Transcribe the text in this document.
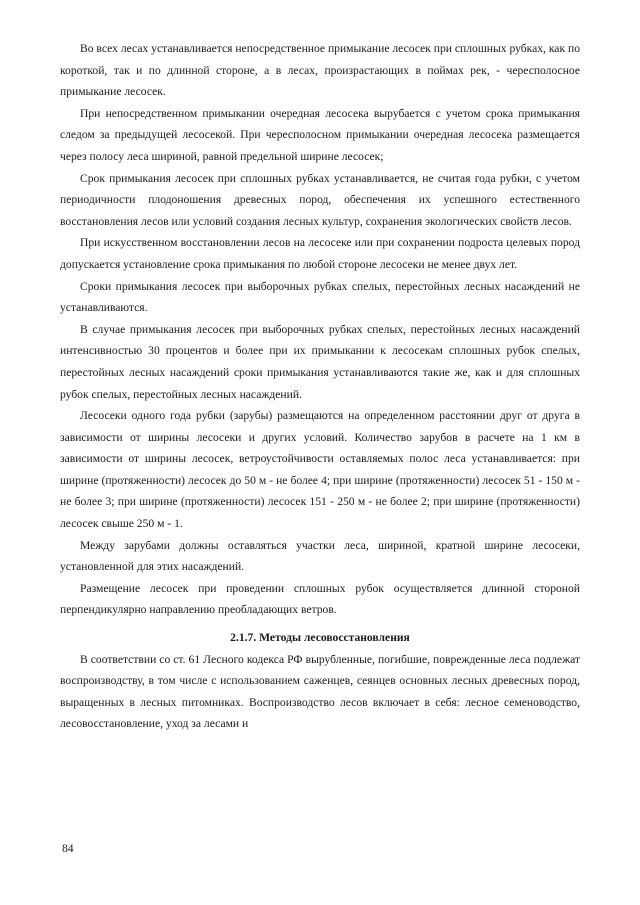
Во всех лесах устанавливается непосредственное примыкание лесосек при сплошных рубках, как по короткой, так и по длинной стороне, а в лесах, произрастающих в поймах рек, - чересполосное примыкание лесосек.

При непосредственном примыкании очередная лесосека вырубается с учетом срока примыкания следом за предыдущей лесосекой. При чересполосном примыкании очередная лесосека размещается через полосу леса шириной, равной предельной ширине лесосек;

Срок примыкания лесосек при сплошных рубках устанавливается, не считая года рубки, с учетом периодичности плодоношения древесных пород, обеспечения их успешного естественного восстановления лесов или условий создания лесных культур, сохранения экологических свойств лесов.

При искусственном восстановлении лесов на лесосеке или при сохранении подроста целевых пород допускается установление срока примыкания по любой стороне лесосеки не менее двух лет.

Сроки примыкания лесосек при выборочных рубках спелых, перестойных лесных насаждений не устанавливаются.

В случае примыкания лесосек при выборочных рубках спелых, перестойных лесных насаждений интенсивностью 30 процентов и более при их примыкании к лесосекам сплошных рубок спелых, перестойных лесных насаждений сроки примыкания устанавливаются такие же, как и для сплошных рубок спелых, перестойных лесных насаждений.

Лесосеки одного года рубки (зарубы) размещаются на определенном расстоянии друг от друга в зависимости от ширины лесосеки и других условий. Количество зарубов в расчете на 1 км в зависимости от ширины лесосек, ветроустойчивости оставляемых полос леса устанавливается: при ширине (протяженности) лесосек до 50 м - не более 4; при ширине (протяженности) лесосек 51 - 150 м - не более 3; при ширине (протяженности) лесосек 151 - 250 м - не более 2; при ширине (протяженности) лесосек свыше 250 м - 1.

Между зарубами должны оставляться участки леса, шириной, кратной ширине лесосеки, установленной для этих насаждений.

Размещение лесосек при проведении сплошных рубок осуществляется длинной стороной перпендикулярно направлению преобладающих ветров.

2.1.7. Методы лесовосстановления

В соответствии со ст. 61 Лесного кодекса РФ вырубленные, погибшие, поврежденные леса подлежат воспроизводству, в том числе с использованием саженцев, сеянцев основных лесных древесных пород, выращенных в лесных питомниках. Воспроизводство лесов включает в себя: лесное семеноводство, лесовосстановление, уход за лесами и

84
